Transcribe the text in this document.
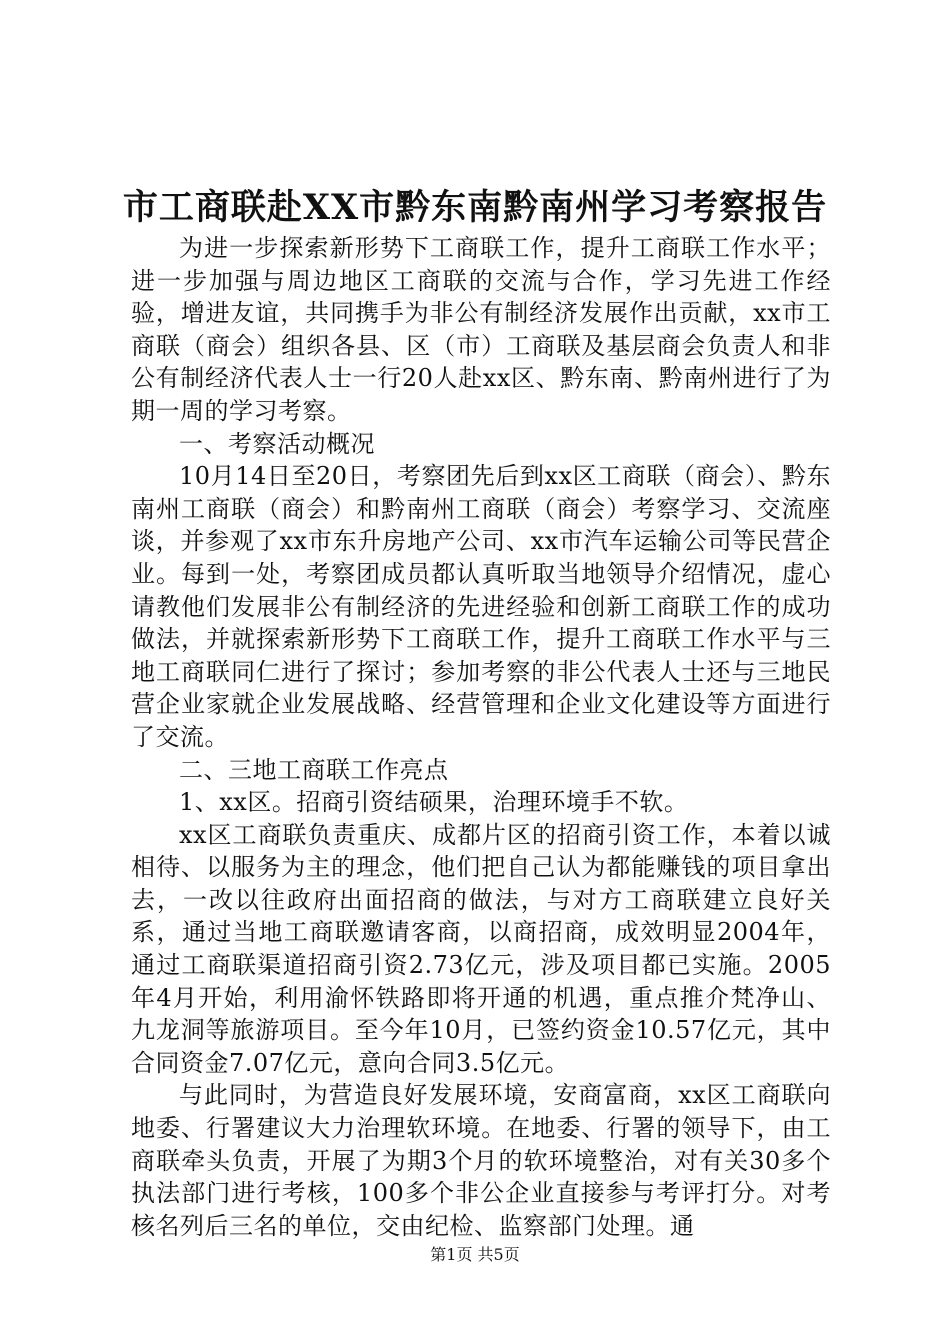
市工商联赴XX市黔东南黔南州学习考察报告

为进一步探索新形势下工商联工作，提升工商联工作水平；进一步加强与周边地区工商联的交流与合作，学习先进工作经验，增进友谊，共同携手为非公有制经济发展作出贡献，xx市工商联（商会）组织各县、区（市）工商联及基层商会负责人和非公有制经济代表人士一行20人赴xx区、黔东南、黔南州进行了为期一周的学习考察。

一、考察活动概况

10月14日至20日，考察团先后到xx区工商联（商会）、黔东南州工商联（商会）和黔南州工商联（商会）考察学习、交流座谈，并参观了xx市东升房地产公司、xx市汽车运输公司等民营企业。每到一处，考察团成员都认真听取当地领导介绍情况，虚心请教他们发展非公有制经济的先进经验和创新工商联工作的成功做法，并就探索新形势下工商联工作，提升工商联工作水平与三地工商联同仁进行了探讨；参加考察的非公代表人士还与三地民营企业家就企业发展战略、经营管理和企业文化建设等方面进行了交流。

二、三地工商联工作亮点

1、xx区。招商引资结硕果，治理环境手不软。

xx区工商联负责重庆、成都片区的招商引资工作，本着以诚相待、以服务为主的理念，他们把自己认为都能赚钱的项目拿出去，一改以往政府出面招商的做法，与对方工商联建立良好关系，通过当地工商联邀请客商，以商招商，成效明显2004年，通过工商联渠道招商引资2.73亿元，涉及项目都已实施。2005年4月开始，利用渝怀铁路即将开通的机遇，重点推介梵净山、九龙洞等旅游项目。至今年10月，已签约资金10.57亿元，其中合同资金7.07亿元，意向合同3.5亿元。

与此同时，为营造良好发展环境，安商富商，xx区工商联向地委、行署建议大力治理软环境。在地委、行署的领导下，由工商联牵头负责，开展了为期3个月的软环境整治，对有关30多个执法部门进行考核，100多个非公企业直接参与考评打分。对考核名列后三名的单位，交由纪检、监察部门处理。通

第1页 共5页
